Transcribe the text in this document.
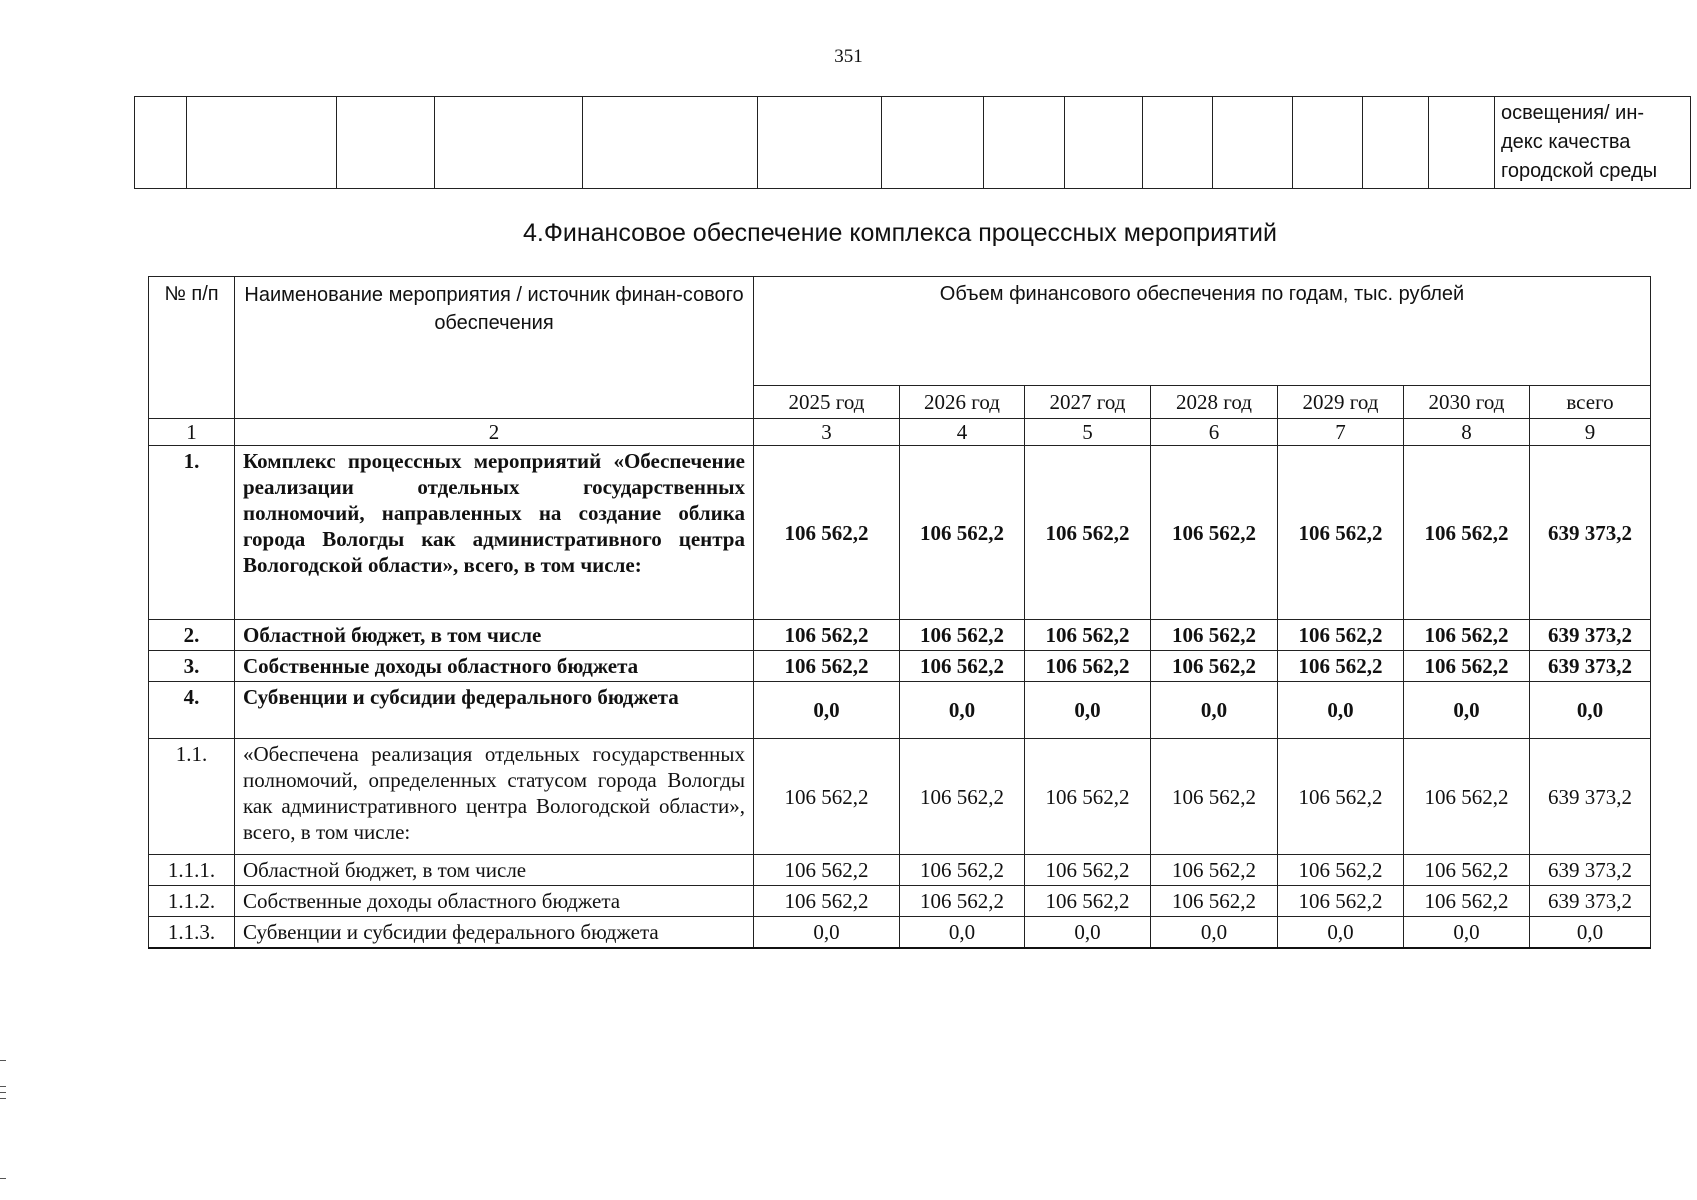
351

освещения/ ин-
декс качества
городской среды
4.Финансовое обеспечение комплекса процессных мероприятий
№ п/п	Наименование мероприятия / источник финан-сового обеспечения	Объем финансового обеспечения по годам, тыс. рублей						
		2025 год	2026 год	2027 год	2028 год	2029 год	2030 год	всего
1	2	3	4	5	6	7	8	9
1.	Комплекс процессных мероприятий «Обеспечение реализации отдельных государственных полномочий, направленных на создание облика города Вологды как административного центра Вологодской области», всего, в том числе:	106 562,2	106 562,2	106 562,2	106 562,2	106 562,2	106 562,2	639 373,2
2.	Областной бюджет, в том числе	106 562,2	106 562,2	106 562,2	106 562,2	106 562,2	106 562,2	639 373,2
3.	Собственные доходы областного бюджета	106 562,2	106 562,2	106 562,2	106 562,2	106 562,2	106 562,2	639 373,2
4.	Субвенции и субсидии федерального бюджета	0,0	0,0	0,0	0,0	0,0	0,0	0,0
1.1.	«Обеспечена реализация отдельных государственных полномочий, определенных статусом города Вологды как административного центра Вологодской области», всего, в том числе:	106 562,2	106 562,2	106 562,2	106 562,2	106 562,2	106 562,2	639 373,2
1.1.1.	Областной бюджет, в том числе	106 562,2	106 562,2	106 562,2	106 562,2	106 562,2	106 562,2	639 373,2
1.1.2.	Собственные доходы областного бюджета	106 562,2	106 562,2	106 562,2	106 562,2	106 562,2	106 562,2	639 373,2
1.1.3.	Субвенции и субсидии федерального бюджета	0,0	0,0	0,0	0,0	0,0	0,0	0,0
